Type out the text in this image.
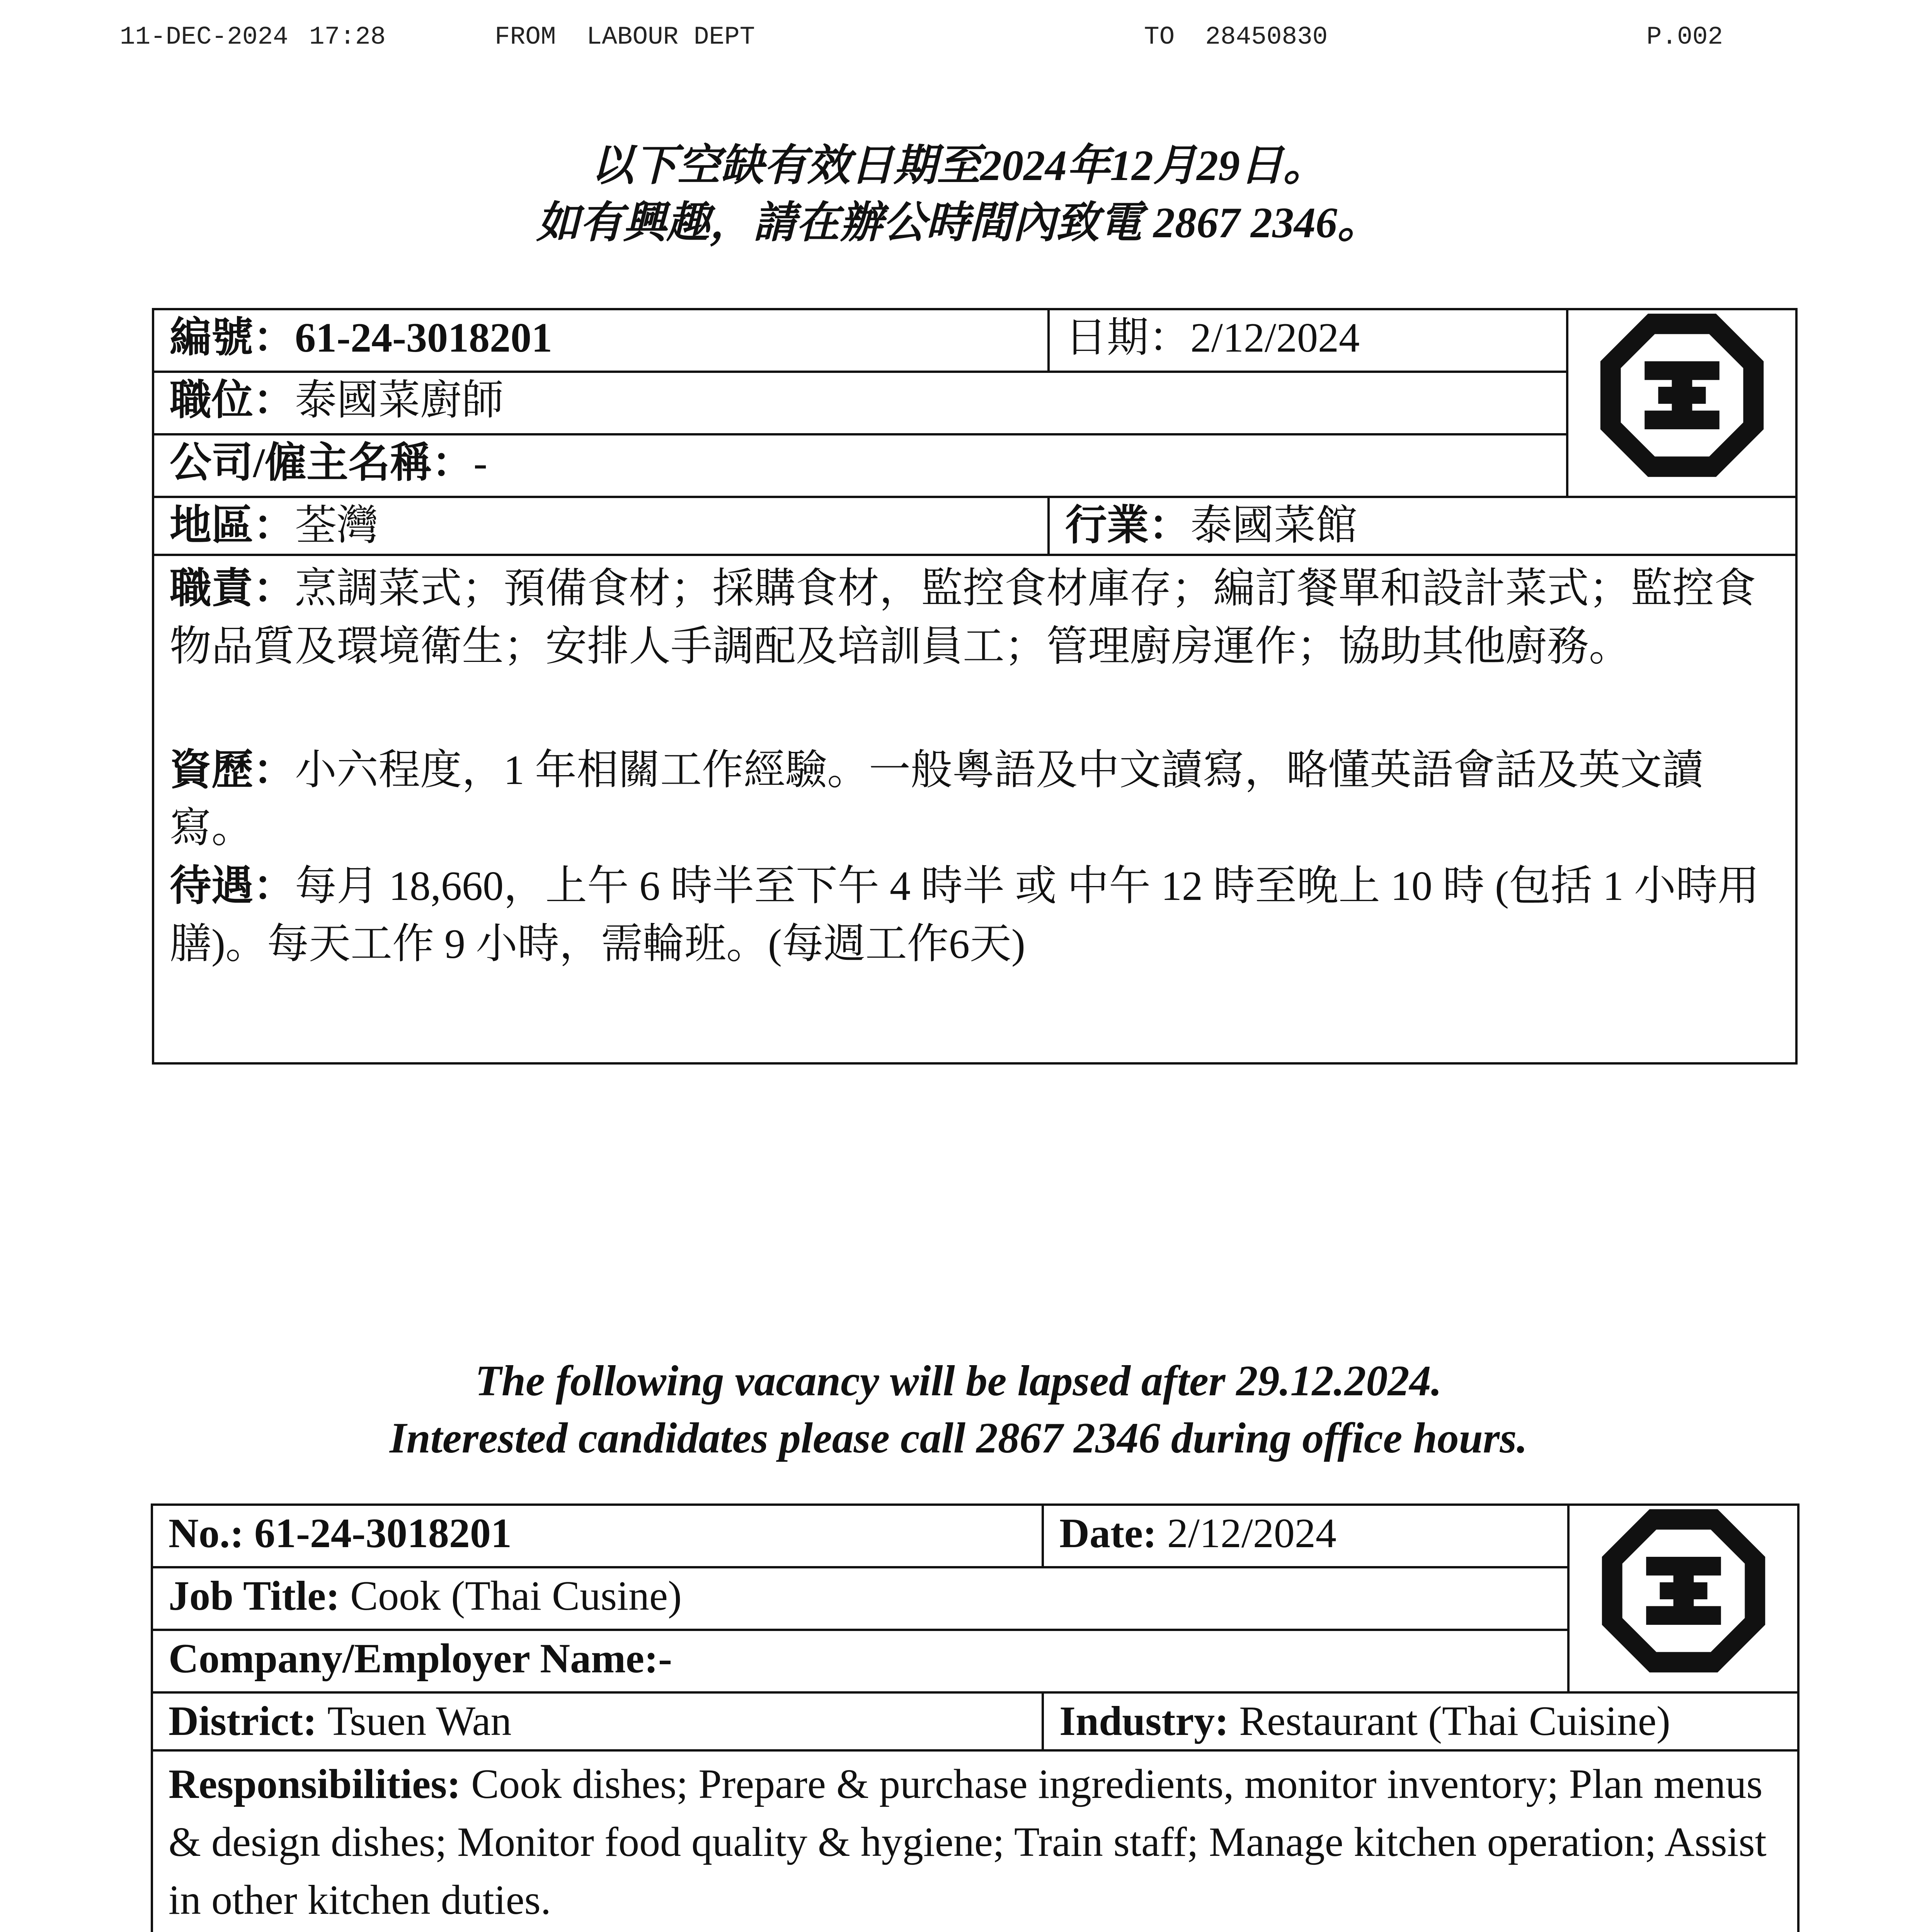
11-DEC-2024 17:28	FROM  LABOUR DEPT	TO  28450830	P.002
以下空缺有效日期至2024年12月29日。
如有興趣，請在辦公時間內致電 2867 2346。
編號：61-24-3018201	日期：2/12/2024	
職位：泰國菜廚師		
公司/僱主名稱：-		
地區：荃灣	行業：泰國菜館	

職責：烹調菜式；預備食材；採購食材，監控食材庫存；編訂餐單和設計菜式；監控食物品質及環境衛生；安排人手調配及培訓員工；管理廚房運作；協助其他廚務。
資歷：小六程度，1 年相關工作經驗。一般粵語及中文讀寫，略懂英語會話及英文讀寫。
待遇：每月 18,660，上午 6 時半至下午 4 時半 或 中午 12 時至晚上 10 時 (包括 1 小時用膳)。每天工作 9 小時，需輪班。(每週工作6天)		
The following vacancy will be lapsed after 29.12.2024.
Interested candidates please call 2867 2346 during office hours.
No.: 61-24-3018201	Date: 2/12/2024	
Job Title: Cook (Thai Cusine)		
Company/Employer Name:-		
District: Tsuen Wan	Industry: Restaurant (Thai Cuisine)	

Responsibilities: Cook dishes; Prepare & purchase ingredients, monitor inventory; Plan menus & design dishes; Monitor food quality & hygiene; Train staff; Manage kitchen operation; Assist in other kitchen duties.		
